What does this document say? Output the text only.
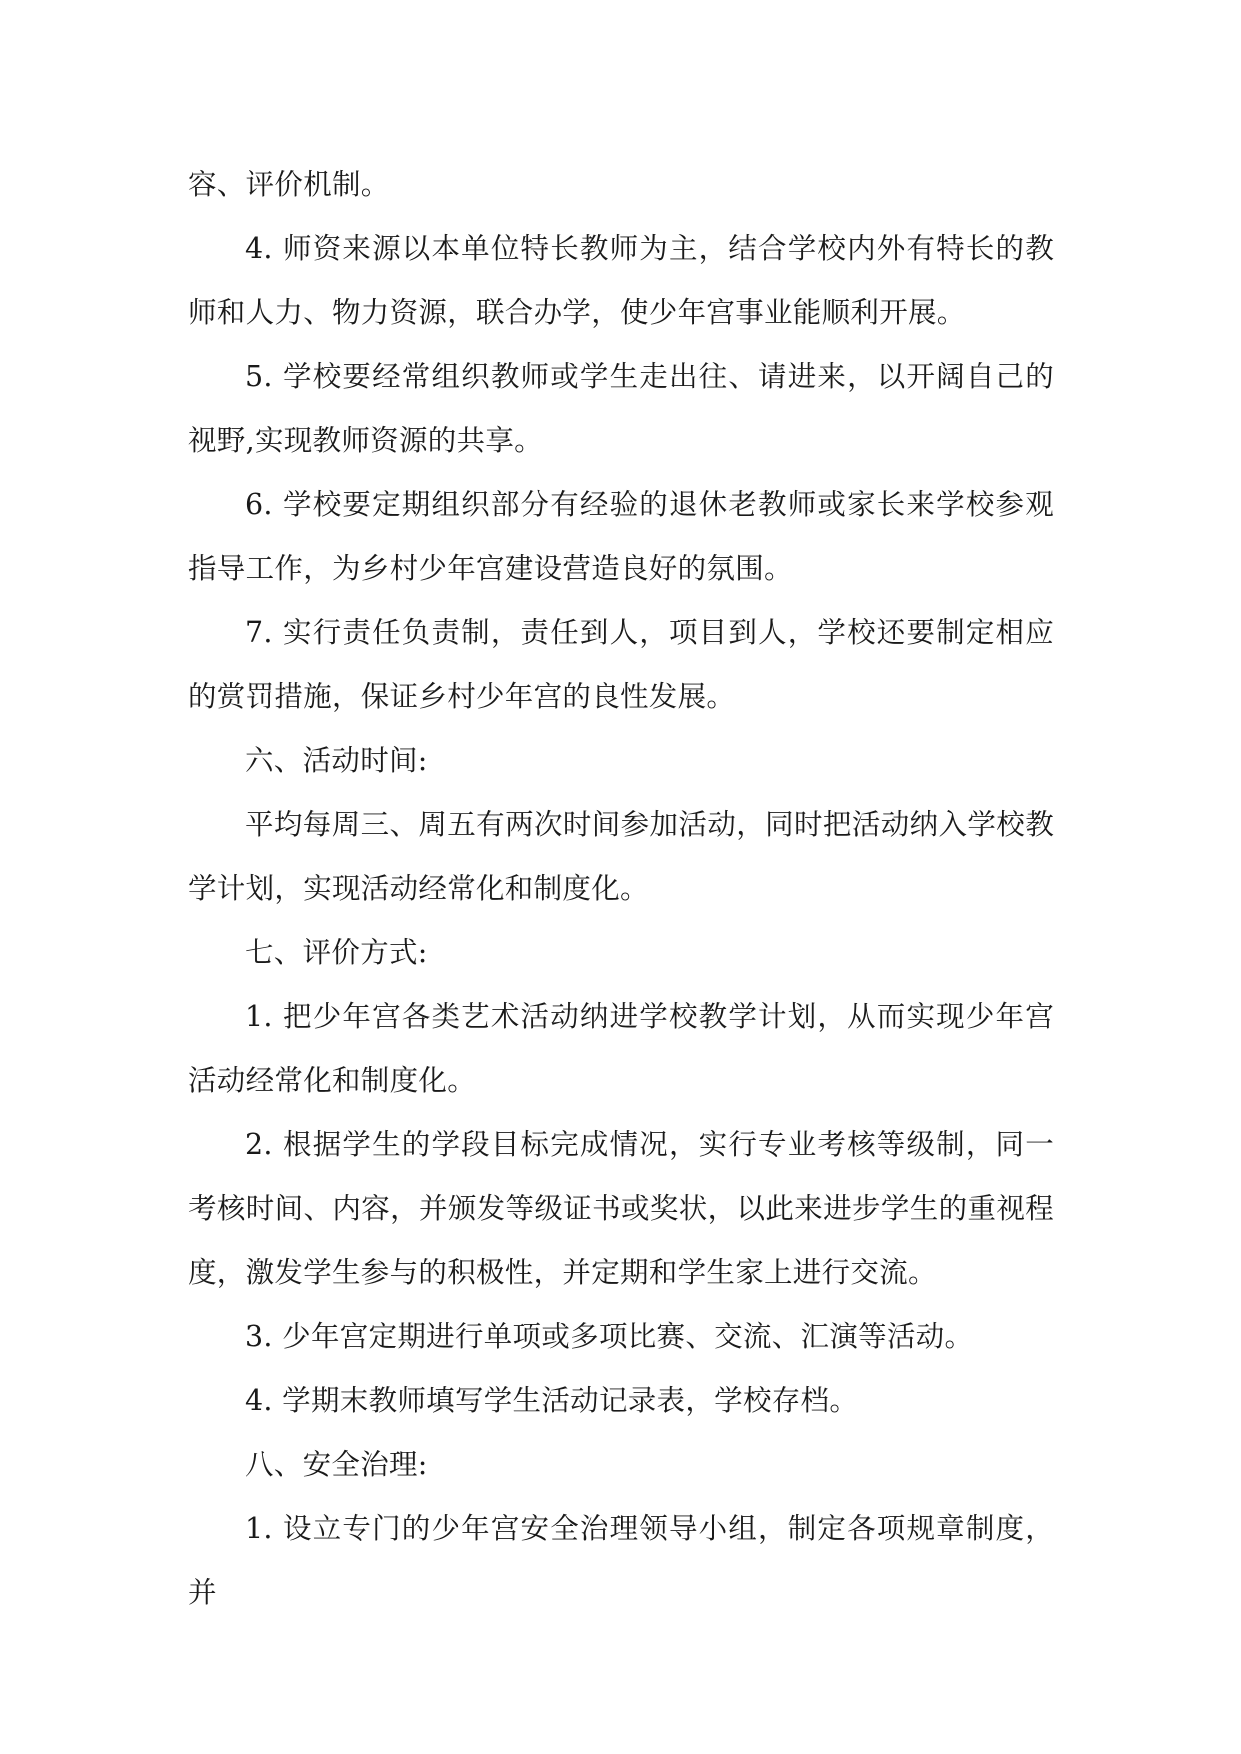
容、评价机制。

4. 师资来源以本单位特长教师为主，结合学校内外有特长的教师和人力、物力资源，联合办学，使少年宫事业能顺利开展。

5. 学校要经常组织教师或学生走出往、请进来，以开阔自己的视野,实现教师资源的共享。

6. 学校要定期组织部分有经验的退休老教师或家长来学校参观指导工作，为乡村少年宫建设营造良好的氛围。

7. 实行责任负责制，责任到人，项目到人，学校还要制定相应的赏罚措施，保证乡村少年宫的良性发展。

六、活动时间:

平均每周三、周五有两次时间参加活动，同时把活动纳入学校教学计划，实现活动经常化和制度化。

七、评价方式:

1. 把少年宫各类艺术活动纳进学校教学计划，从而实现少年宫活动经常化和制度化。

2. 根据学生的学段目标完成情况，实行专业考核等级制，同一考核时间、内容，并颁发等级证书或奖状，以此来进步学生的重视程度，激发学生参与的积极性，并定期和学生家上进行交流。

3. 少年宫定期进行单项或多项比赛、交流、汇演等活动。

4. 学期末教师填写学生活动记录表，学校存档。

八、安全治理:

1. 设立专门的少年宫安全治理领导小组，制定各项规章制度，并
